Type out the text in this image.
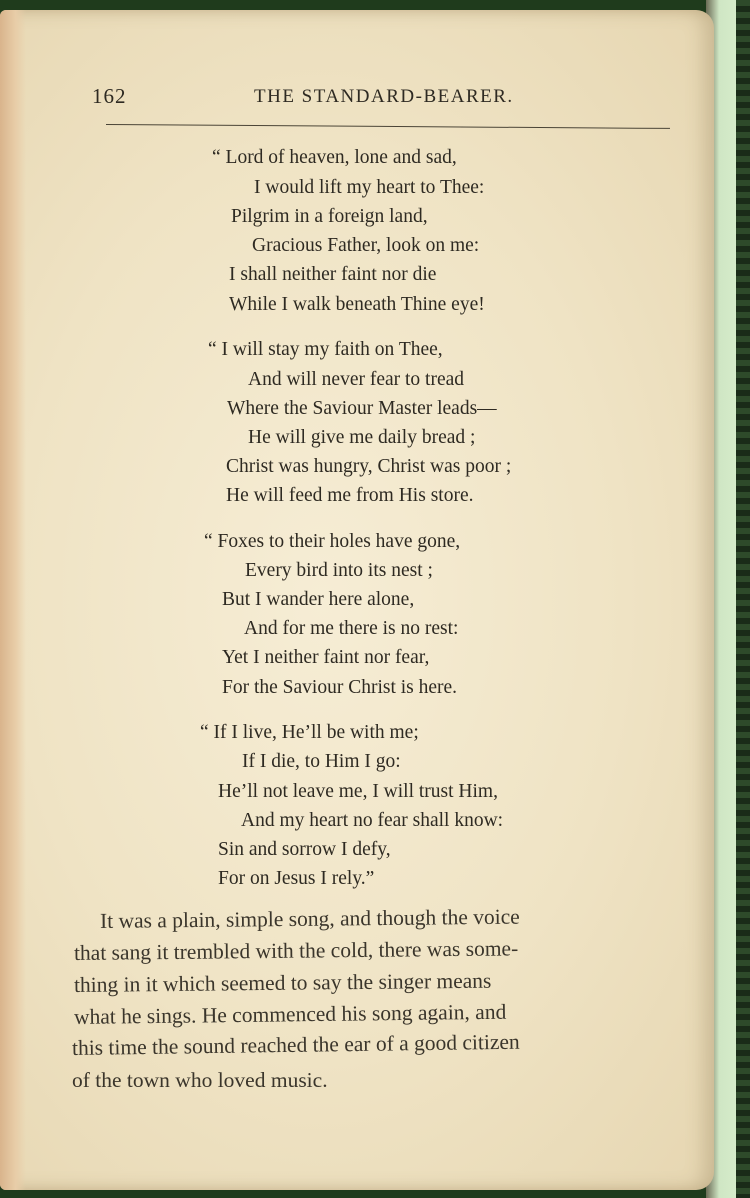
162	THE STANDARD-BEARER.
“ Lord of heaven, lone and sad,
I would lift my heart to Thee:
Pilgrim in a foreign land,
Gracious Father, look on me:
I shall neither faint nor die
While I walk beneath Thine eye!
“ I will stay my faith on Thee,
And will never fear to tread
Where the Saviour Master leads—
He will give me daily bread ;
Christ was hungry, Christ was poor ;
He will feed me from His store.
“ Foxes to their holes have gone,
Every bird into its nest ;
But I wander here alone,
And for me there is no rest:
Yet I neither faint nor fear,
For the Saviour Christ is here.
“ If I live, He’ll be with me;
If I die, to Him I go:
He’ll not leave me, I will trust Him,
And my heart no fear shall know:
Sin and sorrow I defy,
For on Jesus I rely.”
It was a plain, simple song, and though the voice
that sang it trembled with the cold, there was some-
thing in it which seemed to say the singer means
what he sings. He commenced his song again, and
this time the sound reached the ear of a good citizen
of the town who loved music.
